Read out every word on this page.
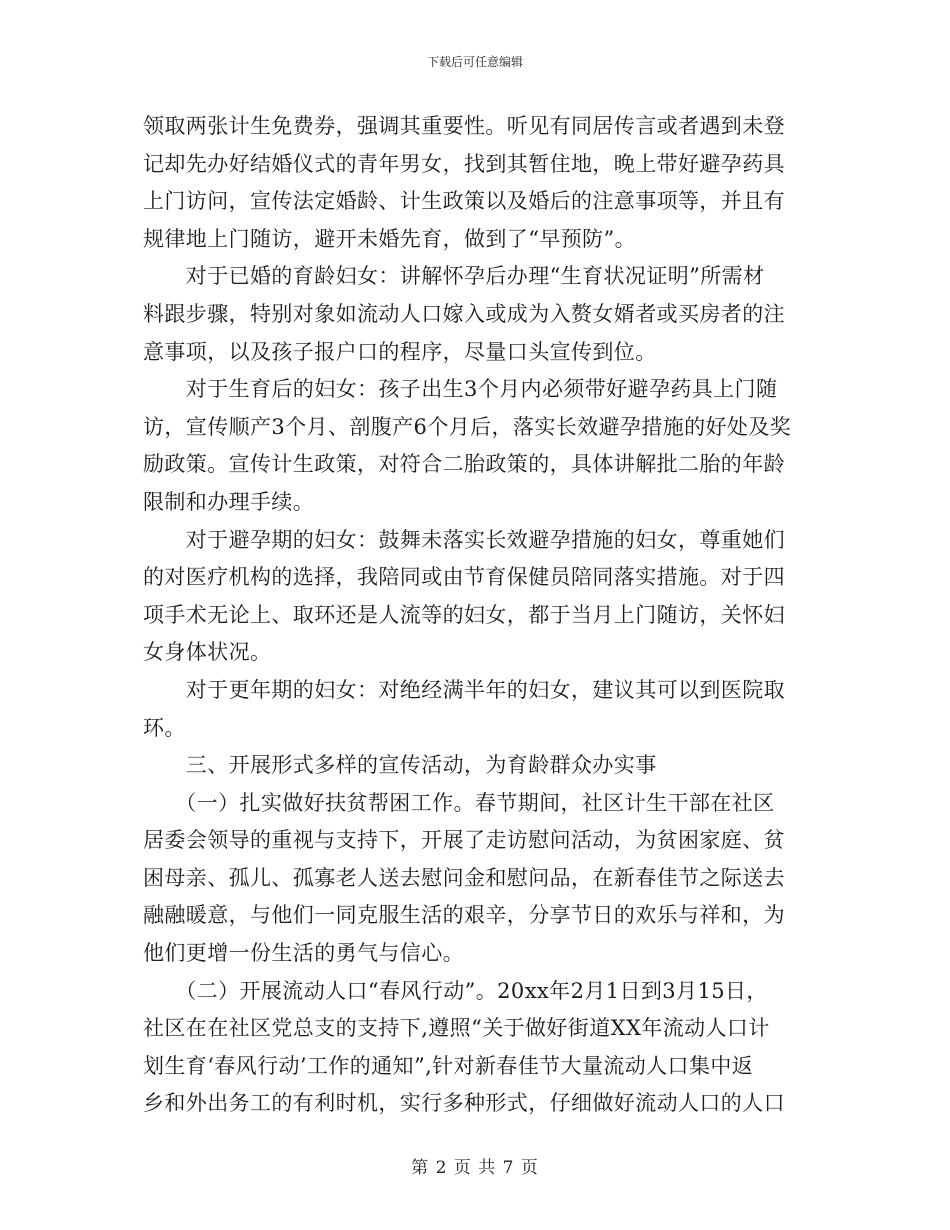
下载后可任意编辑
领取两张计生免费券，强调其重要性。听见有同居传言或者遇到未登
记却先办好结婚仪式的青年男女，找到其暂住地，晚上带好避孕药具
上门访问，宣传法定婚龄、计生政策以及婚后的注意事项等，并且有
规律地上门随访，避开未婚先育，做到了“早预防”。
　　对于已婚的育龄妇女：讲解怀孕后办理“生育状况证明”所需材
料跟步骤，特别对象如流动人口嫁入或成为入赘女婿者或买房者的注
意事项，以及孩子报户口的程序，尽量口头宣传到位。
　　对于生育后的妇女：孩子出生3个月内必须带好避孕药具上门随
访，宣传顺产3个月、剖腹产6个月后，落实长效避孕措施的好处及奖
励政策。宣传计生政策，对符合二胎政策的，具体讲解批二胎的年龄
限制和办理手续。
　　对于避孕期的妇女：鼓舞未落实长效避孕措施的妇女，尊重她们
的对医疗机构的选择，我陪同或由节育保健员陪同落实措施。对于四
项手术无论上、取环还是人流等的妇女，都于当月上门随访，关怀妇
女身体状况。
　　对于更年期的妇女：对绝经满半年的妇女，建议其可以到医院取
环。
　　三、开展形式多样的宣传活动，为育龄群众办实事
　　（一）扎实做好扶贫帮困工作。春节期间，社区计生干部在社区
居委会领导的重视与支持下，开展了走访慰问活动，为贫困家庭、贫
困母亲、孤儿、孤寡老人送去慰问金和慰问品，在新春佳节之际送去
融融暖意，与他们一同克服生活的艰辛，分享节日的欢乐与祥和，为
他们更增一份生活的勇气与信心。
　　（二）开展流动人口“春风行动”。20xx年2月1日到3月15日，
社区在在社区党总支的支持下,遵照“关于做好街道XX年流动人口计
划生育‘春风行动’工作的通知”,针对新春佳节大量流动人口集中返
乡和外出务工的有利时机，实行多种形式，仔细做好流动人口的人口
第 2 页 共 7 页
